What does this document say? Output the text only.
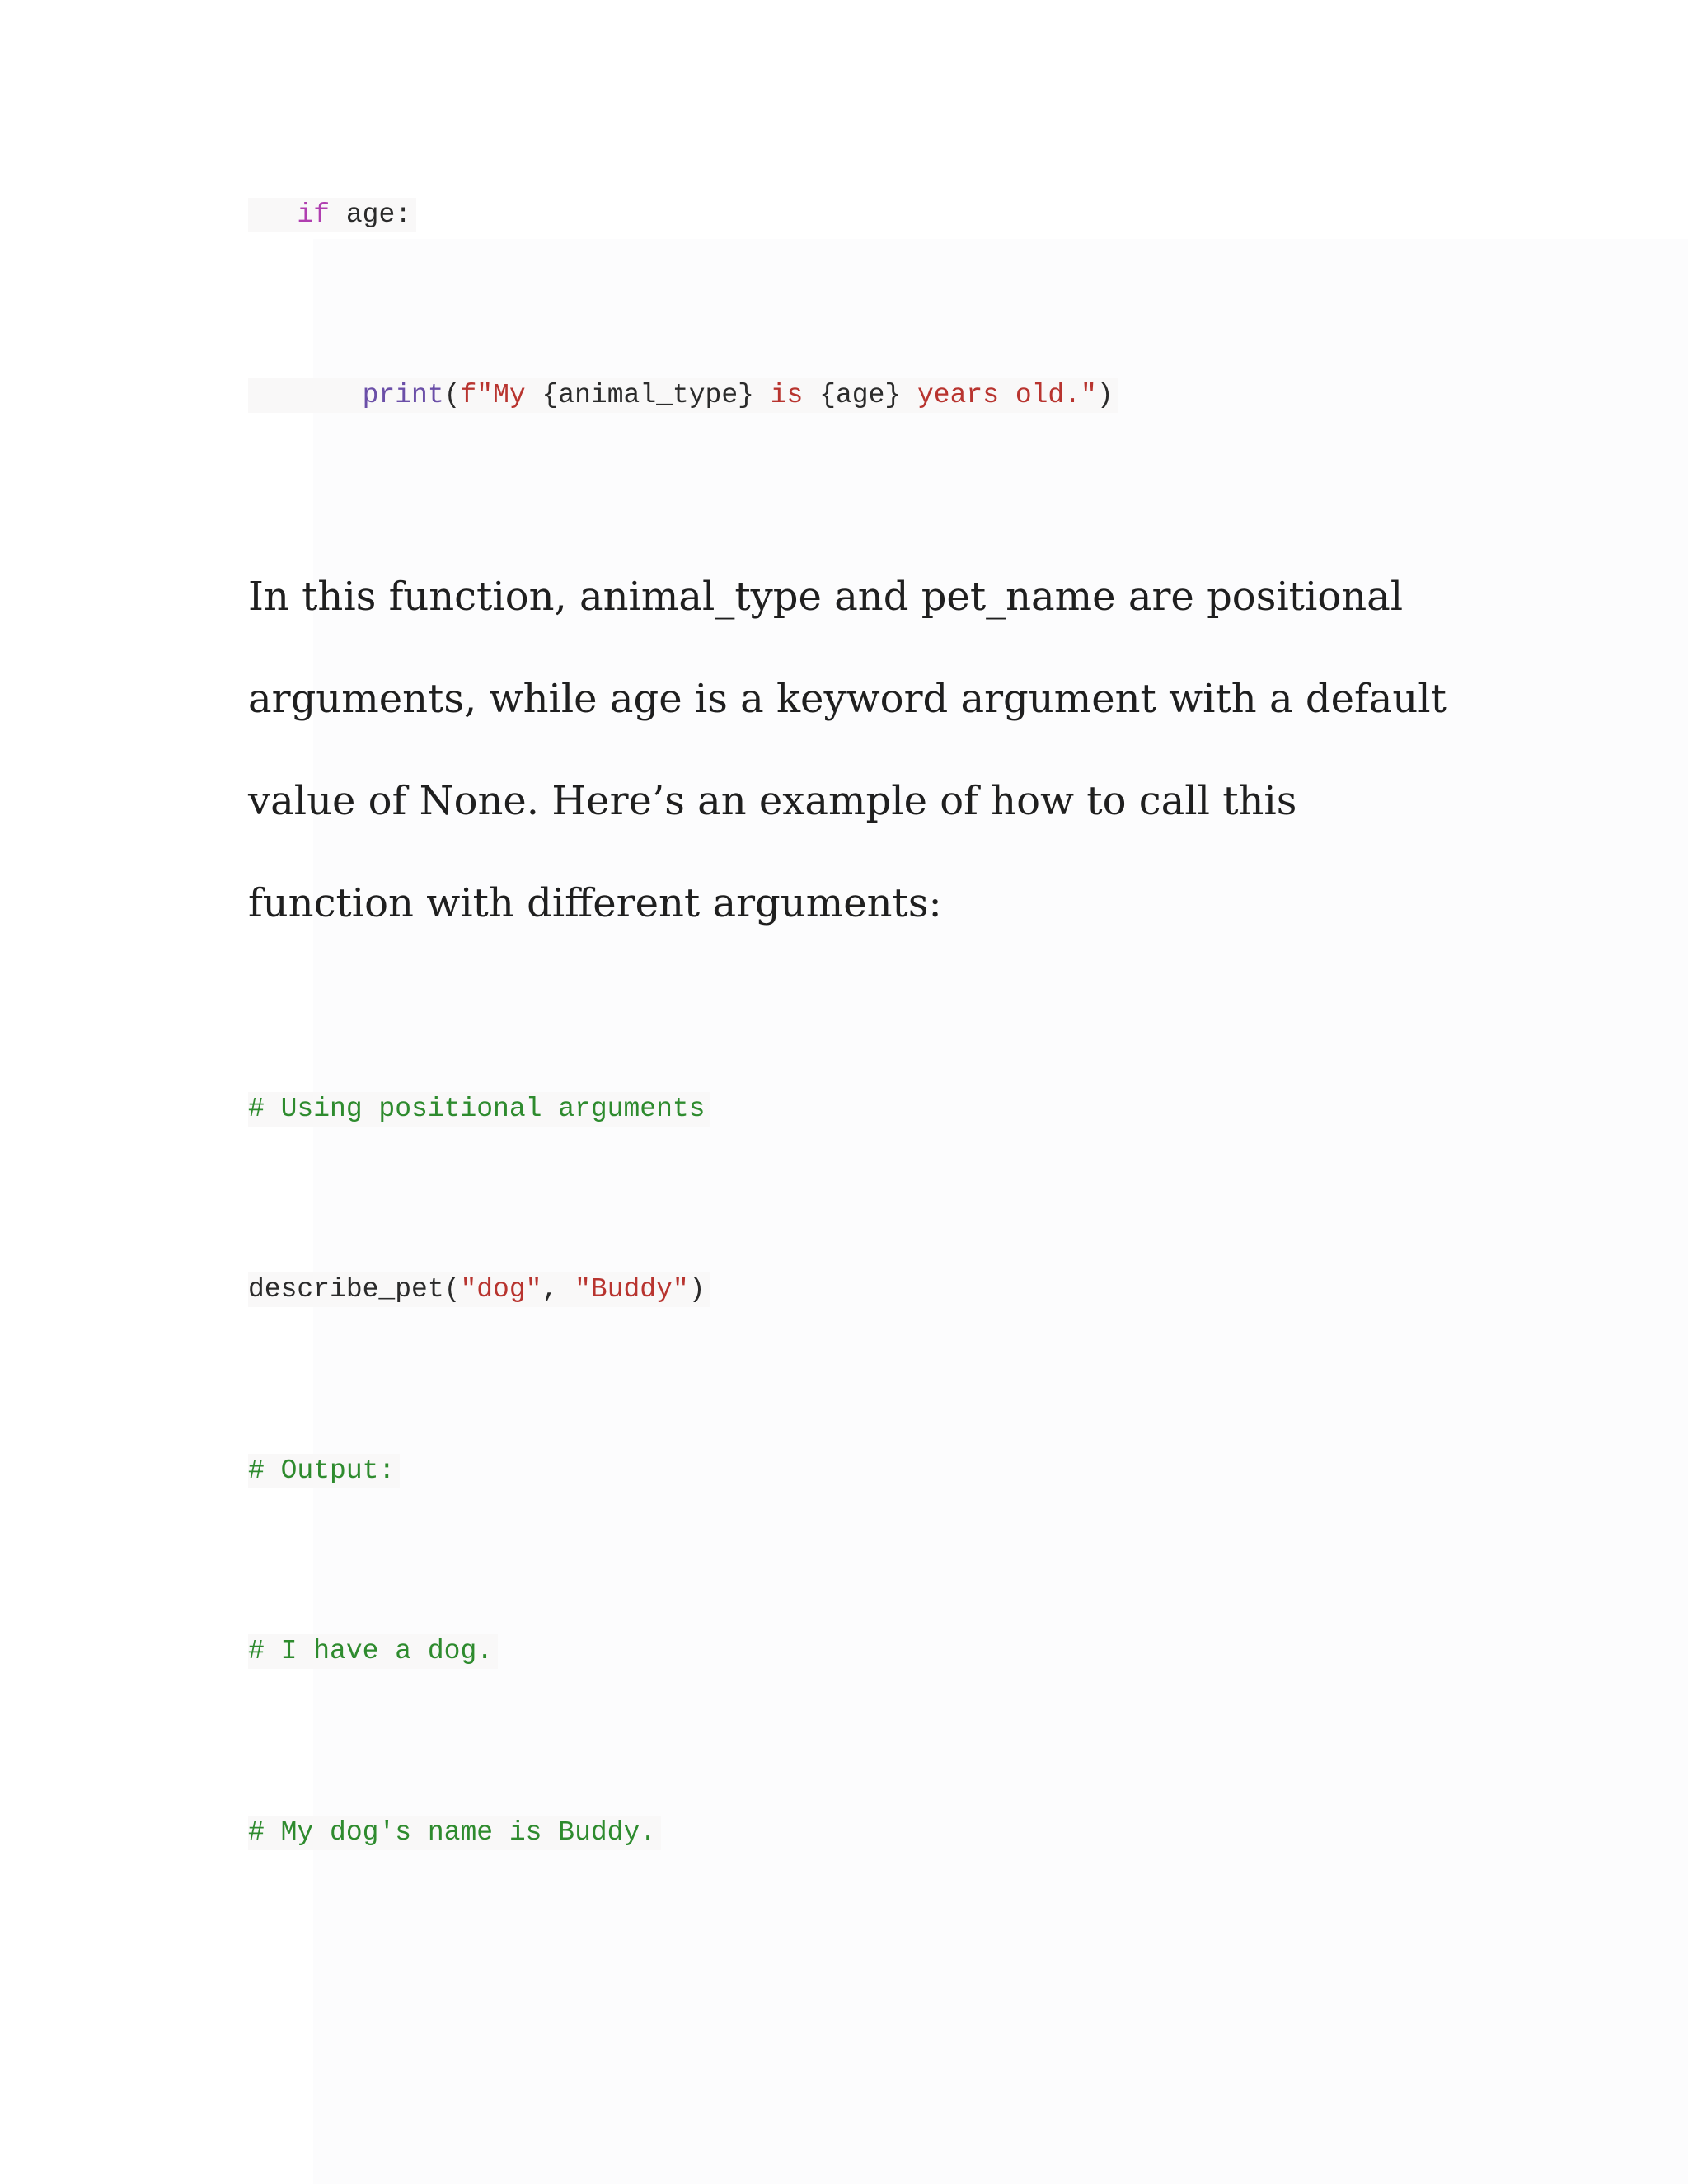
if age:
print(f"My {animal_type} is {age} years old.")

In this function, animal_type and pet_name are positional arguments, while age is a keyword argument with a default value of None. Here’s an example of how to call this function with different arguments:

# Using positional arguments
describe_pet("dog", "Buddy")
# Output:
# I have a dog.
# My dog's name is Buddy.
